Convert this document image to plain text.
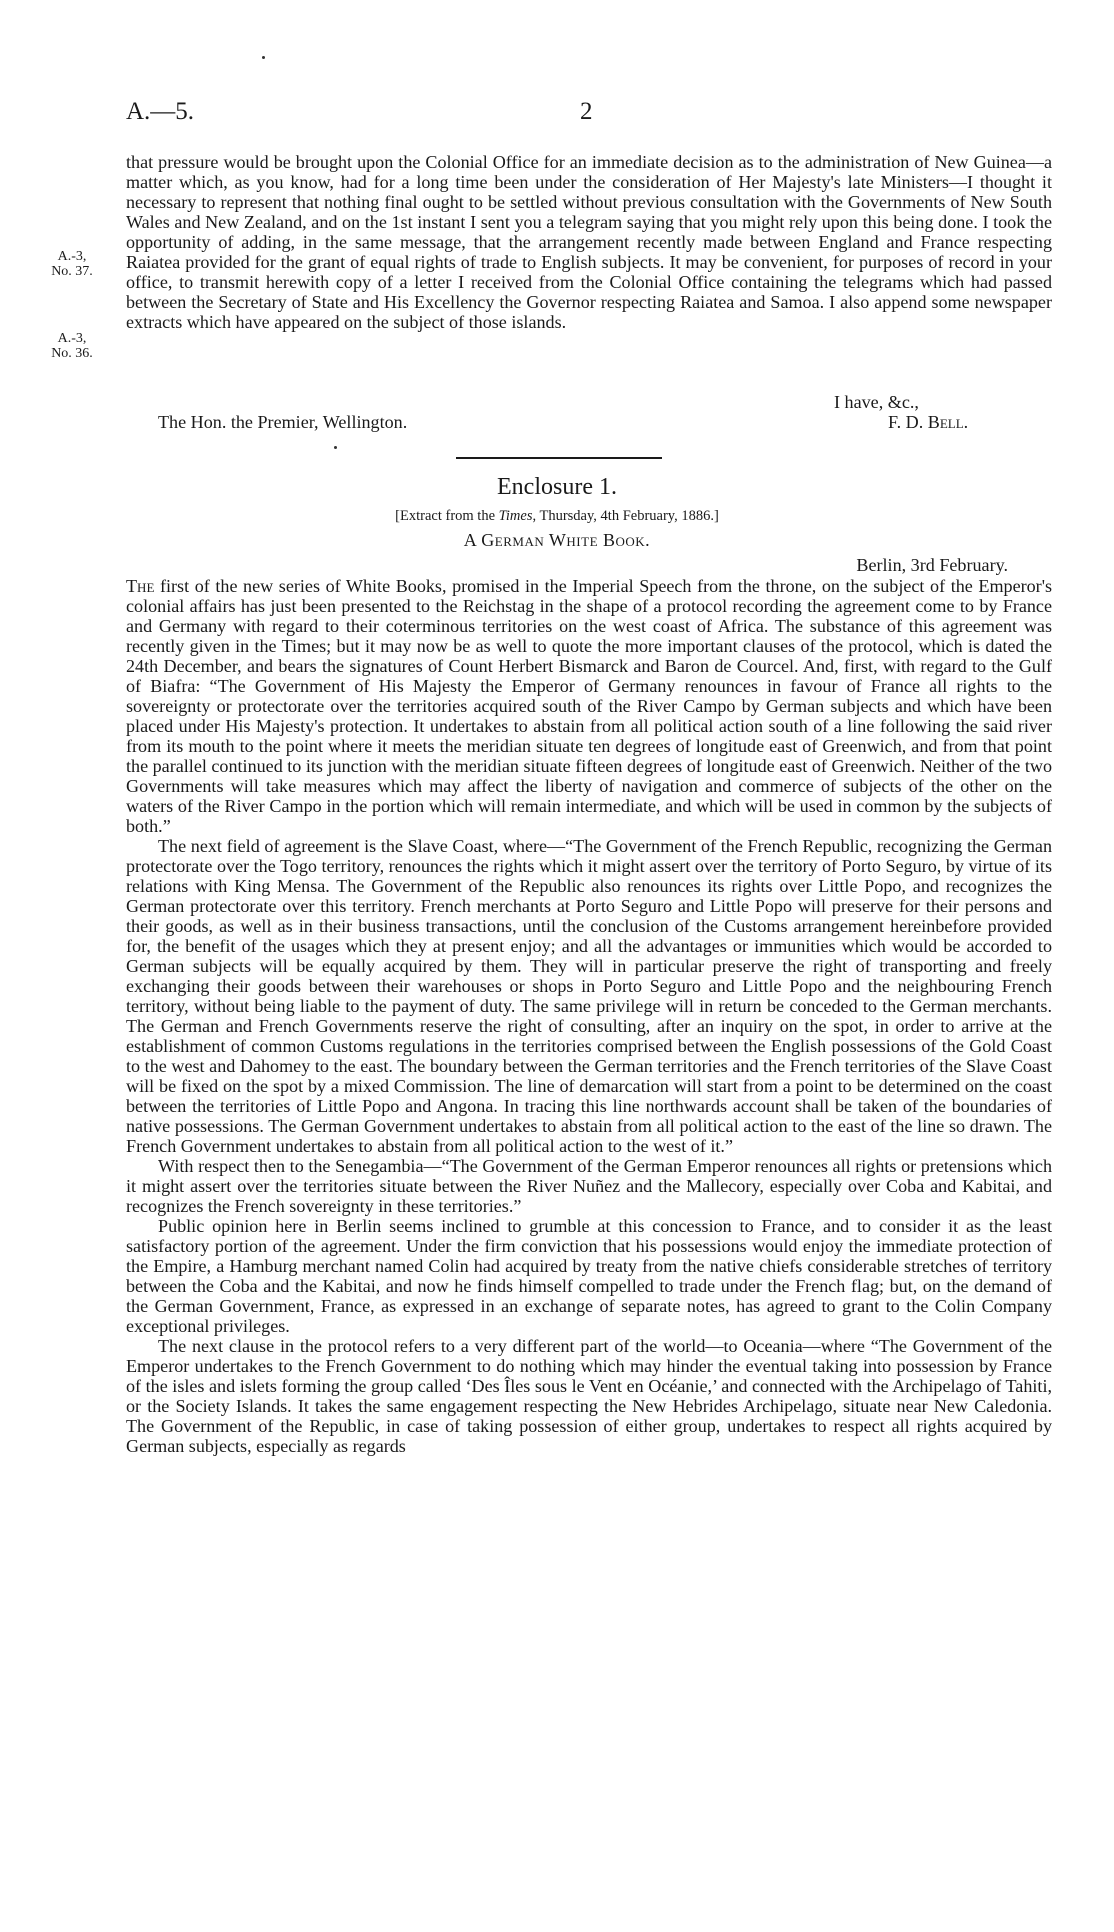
A.—5.	2
A.-3,
No. 37.
A.-3,
No. 36.

that pressure would be brought upon the Colonial Office for an immediate decision as to the administration of New Guinea—a matter which, as you know, had for a long time been under the consideration of Her Majesty's late Ministers—I thought it necessary to represent that nothing final ought to be settled without previous consultation with the Governments of New South Wales and New Zealand, and on the 1st instant I sent you a telegram saying that you might rely upon this being done. I took the opportunity of adding, in the same message, that the arrangement recently made between England and France respecting Raiatea provided for the grant of equal rights of trade to English subjects. It may be convenient, for purposes of record in your office, to transmit herewith copy of a letter I received from the Colonial Office containing the telegrams which had passed between the Secretary of State and His Excellency the Governor respecting Raiatea and Samoa. I also append some newspaper extracts which have appeared on the subject of those islands.

I have, &c.,
The Hon. the Premier, Wellington.	F. D. Bell.
Enclosure 1.
[Extract from the Times, Thursday, 4th February, 1886.]
A German White Book.
Berlin, 3rd February.

The first of the new series of White Books, promised in the Imperial Speech from the throne, on the subject of the Emperor's colonial affairs has just been presented to the Reichstag in the shape of a protocol recording the agreement come to by France and Germany with regard to their coterminous territories on the west coast of Africa. The substance of this agreement was recently given in the Times; but it may now be as well to quote the more important clauses of the protocol, which is dated the 24th December, and bears the signatures of Count Herbert Bismarck and Baron de Courcel. And, first, with regard to the Gulf of Biafra: “The Government of His Majesty the Emperor of Germany renounces in favour of France all rights to the sovereignty or protectorate over the territories acquired south of the River Campo by German subjects and which have been placed under His Majesty's protection. It undertakes to abstain from all political action south of a line following the said river from its mouth to the point where it meets the meridian situate ten degrees of longitude east of Greenwich, and from that point the parallel continued to its junction with the meridian situate fifteen degrees of longitude east of Greenwich. Neither of the two Governments will take measures which may affect the liberty of navigation and commerce of subjects of the other on the waters of the River Campo in the portion which will remain intermediate, and which will be used in common by the subjects of both.”

The next field of agreement is the Slave Coast, where—“The Government of the French Republic, recognizing the German protectorate over the Togo territory, renounces the rights which it might assert over the territory of Porto Seguro, by virtue of its relations with King Mensa. The Government of the Republic also renounces its rights over Little Popo, and recognizes the German protectorate over this territory. French merchants at Porto Seguro and Little Popo will preserve for their persons and their goods, as well as in their business transactions, until the conclusion of the Customs arrangement hereinbefore provided for, the benefit of the usages which they at present enjoy; and all the advantages or immunities which would be accorded to German subjects will be equally acquired by them. They will in particular preserve the right of transporting and freely exchanging their goods between their warehouses or shops in Porto Seguro and Little Popo and the neighbouring French territory, without being liable to the payment of duty. The same privilege will in return be conceded to the German merchants. The German and French Governments reserve the right of consulting, after an inquiry on the spot, in order to arrive at the establishment of common Customs regulations in the territories comprised between the English possessions of the Gold Coast to the west and Dahomey to the east. The boundary between the German territories and the French territories of the Slave Coast will be fixed on the spot by a mixed Commission. The line of demarcation will start from a point to be determined on the coast between the territories of Little Popo and Angona. In tracing this line northwards account shall be taken of the boundaries of native possessions. The German Government undertakes to abstain from all political action to the east of the line so drawn. The French Government undertakes to abstain from all political action to the west of it.”

With respect then to the Senegambia—“The Government of the German Emperor renounces all rights or pretensions which it might assert over the territories situate between the River Nuñez and the Mallecory, especially over Coba and Kabitai, and recognizes the French sovereignty in these territories.”

Public opinion here in Berlin seems inclined to grumble at this concession to France, and to consider it as the least satisfactory portion of the agreement. Under the firm conviction that his possessions would enjoy the immediate protection of the Empire, a Hamburg merchant named Colin had acquired by treaty from the native chiefs considerable stretches of territory between the Coba and the Kabitai, and now he finds himself compelled to trade under the French flag; but, on the demand of the German Government, France, as expressed in an exchange of separate notes, has agreed to grant to the Colin Company exceptional privileges.

The next clause in the protocol refers to a very different part of the world—to Oceania—where “The Government of the Emperor undertakes to the French Government to do nothing which may hinder the eventual taking into possession by France of the isles and islets forming the group called ‘Des Îles sous le Vent en Océanie,’ and connected with the Archipelago of Tahiti, or the Society Islands. It takes the same engagement respecting the New Hebrides Archipelago, situate near New Caledonia. The Government of the Republic, in case of taking possession of either group, undertakes to respect all rights acquired by German subjects, especially as regards
